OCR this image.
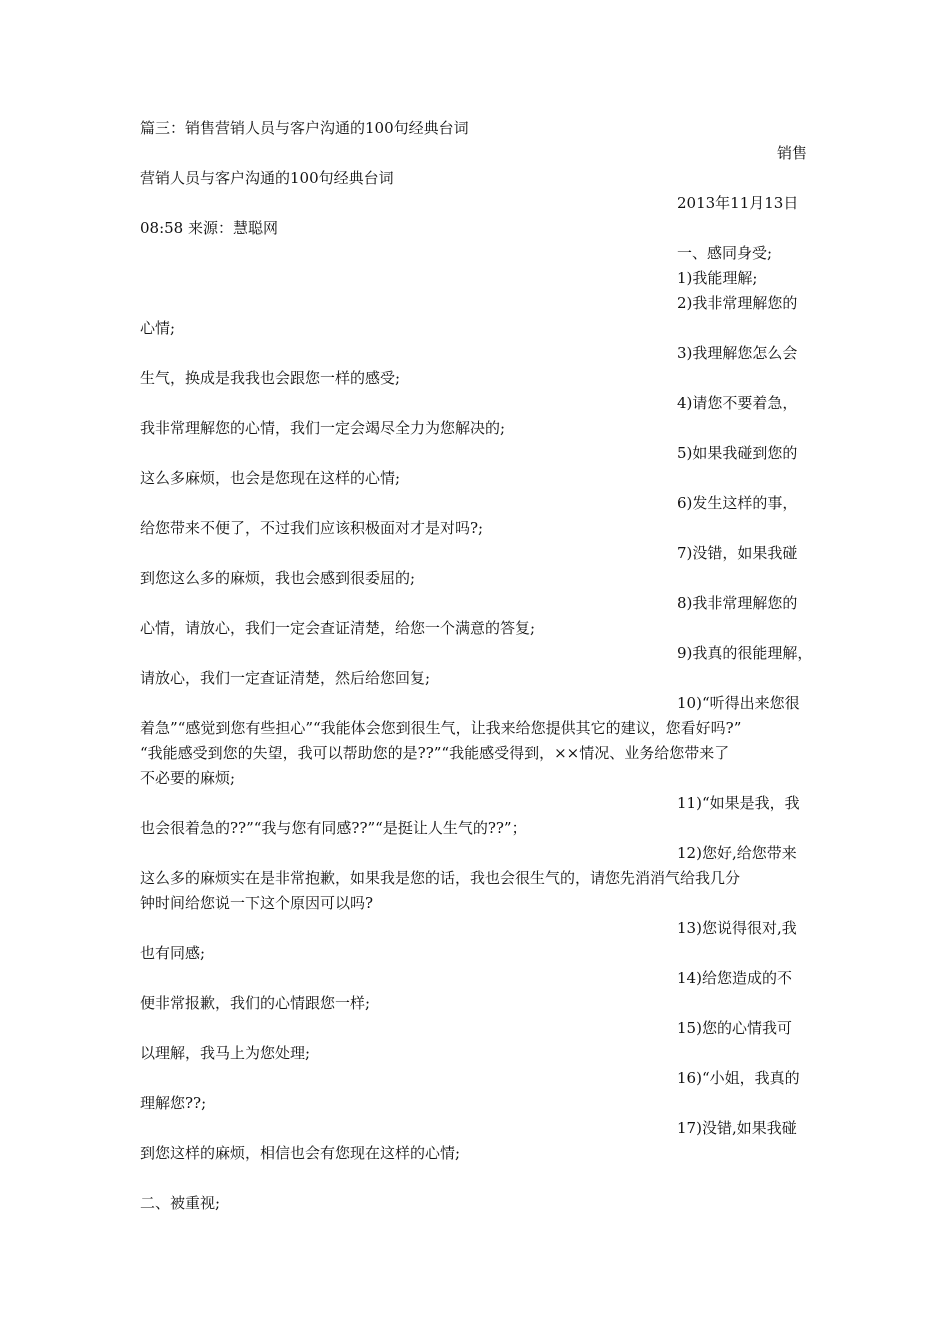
篇三：销售营销人员与客户沟通的100句经典台词
销售
营销人员与客户沟通的100句经典台词
2013年11月13日
08:58 来源：慧聪网
一、感同身受;
1)我能理解;
2)我非常理解您的
心情;
3)我理解您怎么会
生气，换成是我我也会跟您一样的感受;
4)请您不要着急，
我非常理解您的心情，我们一定会竭尽全力为您解决的;
5)如果我碰到您的
这么多麻烦，也会是您现在这样的心情;
6)发生这样的事，
给您带来不便了，不过我们应该积极面对才是对吗?;
7)没错，如果我碰
到您这么多的麻烦，我也会感到很委屈的;
8)我非常理解您的
心情，请放心，我们一定会查证清楚，给您一个满意的答复;
9)我真的很能理解，
请放心，我们一定查证清楚，然后给您回复;
10)“听得出来您很
着急”“感觉到您有些担心”“我能体会您到很生气，让我来给您提供其它的建议，您看好吗?”
“我能感受到您的失望，我可以帮助您的是??”“我能感受得到，××情况、业务给您带来了
不必要的麻烦;
11)“如果是我，我
也会很着急的??”“我与您有同感??”“是挺让人生气的??”；
12)您好,给您带来
这么多的麻烦实在是非常抱歉，如果我是您的话，我也会很生气的，请您先消消气给我几分
钟时间给您说一下这个原因可以吗?
13)您说得很对,我
也有同感;
14)给您造成的不
便非常报歉，我们的心情跟您一样;
15)您的心情我可
以理解，我马上为您处理;
16)“小姐，我真的
理解您??;
17)没错,如果我碰
到您这样的麻烦，相信也会有您现在这样的心情;
二、被重视;
